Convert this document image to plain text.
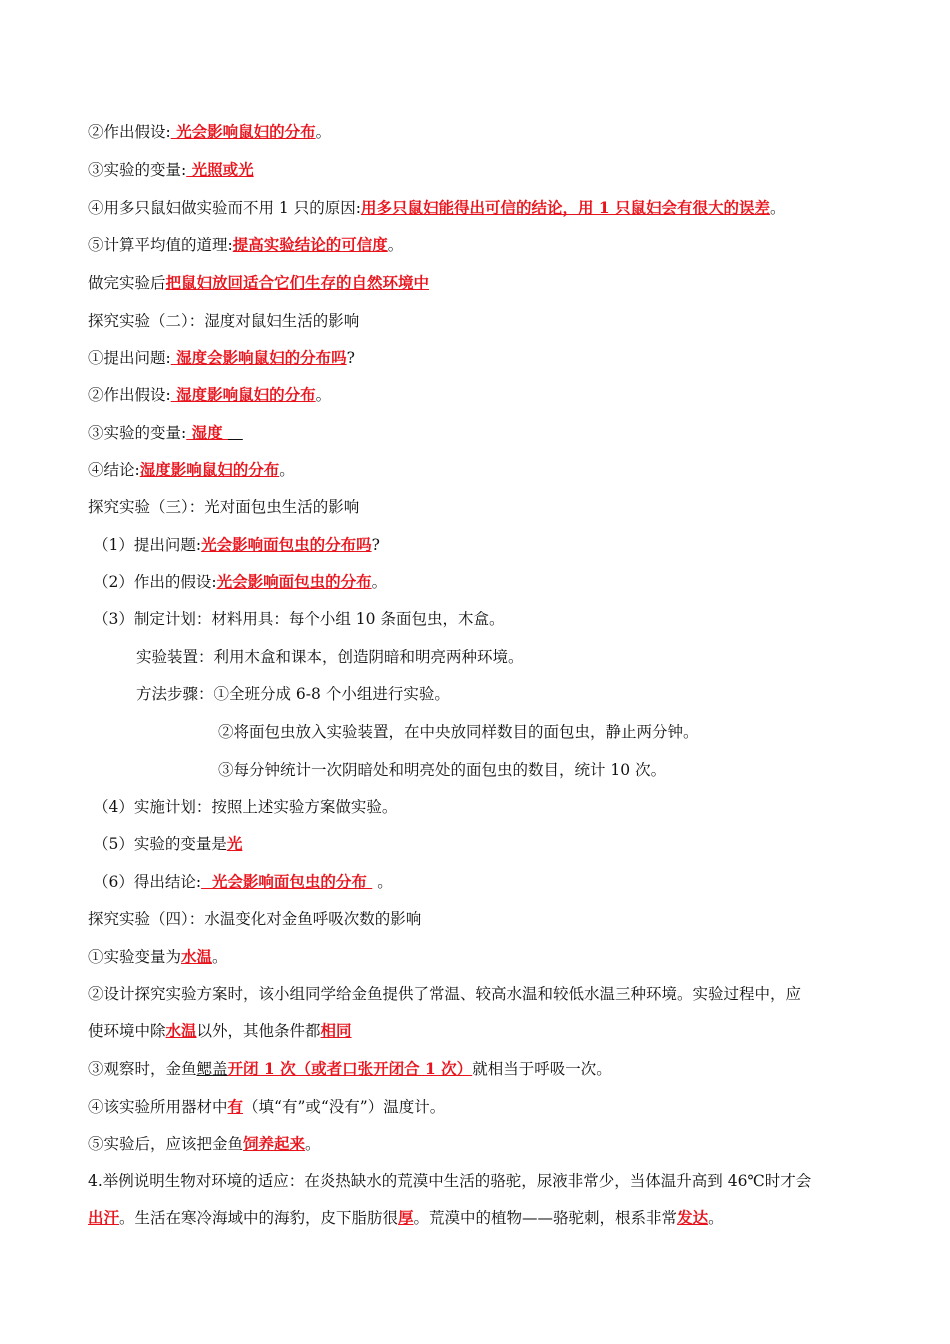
②作出假设: 光会影响鼠妇的分布。
③实验的变量: 光照或光
④用多只鼠妇做实验而不用 1 只的原因:用多只鼠妇能得出可信的结论，用 1 只鼠妇会有很大的误差。
⑤计算平均值的道理:提高实验结论的可信度。
做完实验后把鼠妇放回适合它们生存的自然环境中
探究实验（二）：湿度对鼠妇生活的影响
①提出问题: 湿度会影响鼠妇的分布吗?
②作出假设: 湿度影响鼠妇的分布。
③实验的变量: 湿度
④结论:湿度影响鼠妇的分布。
探究实验（三）：光对面包虫生活的影响
（1）提出问题:光会影响面包虫的分布吗?
（2）作出的假设:光会影响面包虫的分布。
（3）制定计划：材料用具：每个小组 10 条面包虫，木盒。
实验装置：利用木盒和课本，创造阴暗和明亮两种环境。
方法步骤：①全班分成 6-8 个小组进行实验。
②将面包虫放入实验装置，在中央放同样数目的面包虫，静止两分钟。
③每分钟统计一次阴暗处和明亮处的面包虫的数目，统计 10 次。
（4）实施计划：按照上述实验方案做实验。
（5）实验的变量是光
（6）得出结论:  光会影响面包虫的分布  。
探究实验（四）：水温变化对金鱼呼吸次数的影响
①实验变量为水温。
②设计探究实验方案时，该小组同学给金鱼提供了常温、较高水温和较低水温三种环境。实验过程中，应
使环境中除水温以外，其他条件都相同
③观察时，金鱼鳃盖开闭 1 次（或者口张开闭合 1 次）就相当于呼吸一次。
④该实验所用器材中有（填“有”或“没有”）温度计。
⑤实验后，应该把金鱼饲养起来。
4.举例说明生物对环境的适应：在炎热缺水的荒漠中生活的骆驼，尿液非常少，当体温升高到 46℃时才会
出汗。生活在寒冷海域中的海豹，皮下脂肪很厚。荒漠中的植物——骆驼刺，根系非常发达。
